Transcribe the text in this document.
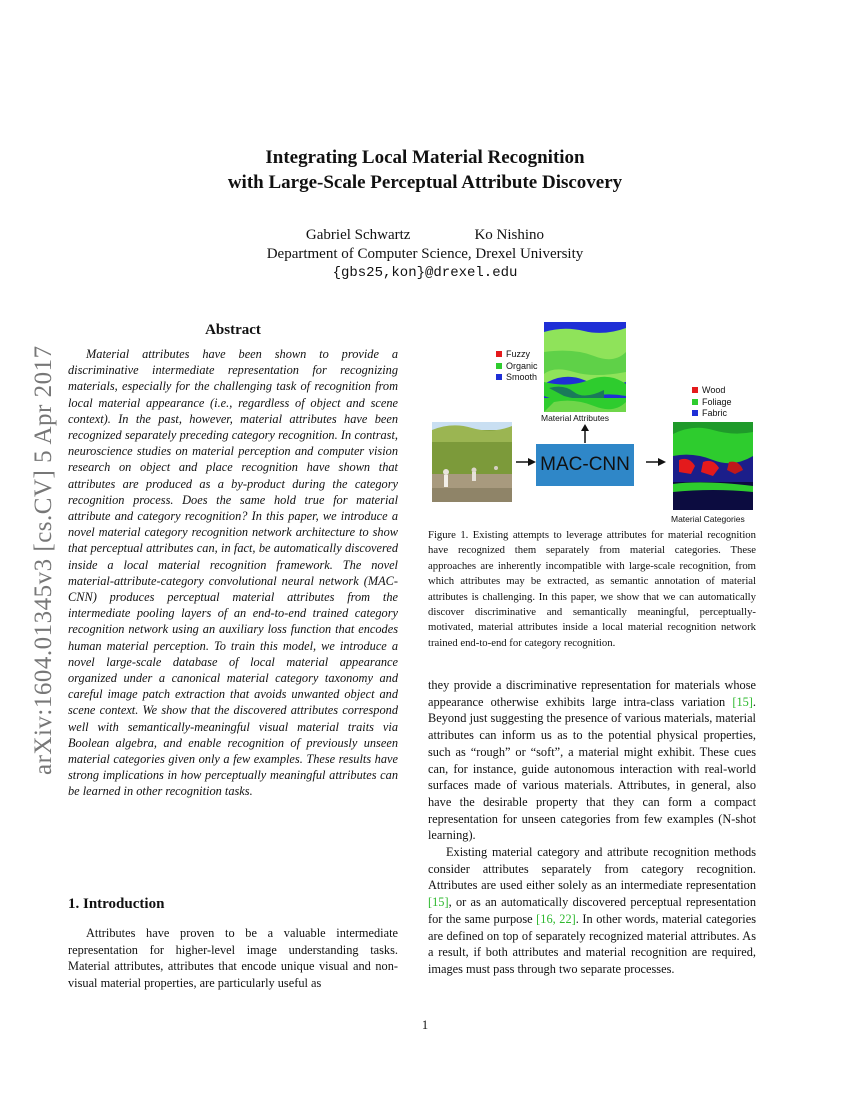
arXiv:1604.01345v3 [cs.CV] 5 Apr 2017
Integrating Local Material Recognition
with Large-Scale Perceptual Attribute Discovery
Gabriel Schwartz	Ko Nishino
Department of Computer Science, Drexel University
{gbs25,kon}@drexel.edu
Abstract

Material attributes have been shown to provide a discriminative intermediate representation for recognizing materials, especially for the challenging task of recognition from local material appearance (i.e., regardless of object and scene context). In the past, however, material attributes have been recognized separately preceding category recognition. In contrast, neuroscience studies on material perception and computer vision research on object and place recognition have shown that attributes are produced as a by-product during the category recognition process. Does the same hold true for material attribute and category recognition? In this paper, we introduce a novel material category recognition network architecture to show that perceptual attributes can, in fact, be automatically discovered inside a local material recognition framework. The novel material-attribute-category convolutional neural network (MAC-CNN) produces perceptual material attributes from the intermediate pooling layers of an end-to-end trained category recognition network using an auxiliary loss function that encodes human material perception. To train this model, we introduce a novel large-scale database of local material appearance organized under a canonical material category taxonomy and careful image patch extraction that avoids unwanted object and scene context. We show that the discovered attributes correspond well with semantically-meaningful visual material traits via Boolean algebra, and enable recognition of previously unseen material categories given only a few examples. These results have strong implications in how perceptually meaningful attributes can be learned in other recognition tasks.

1. Introduction

Attributes have proven to be a valuable intermediate representation for higher-level image understanding tasks. Material attributes, attributes that encode unique visual and non-visual material properties, are particularly useful as

Fuzzy
Organic
Smooth
Material Attributes
MAC-CNN
Wood
Foliage
Fabric
Material Categories
Figure 1. Existing attempts to leverage attributes for material recognition have recognized them separately from material categories. These approaches are inherently incompatible with large-scale recognition, from which attributes may be extracted, as semantic annotation of material attributes is challenging. In this paper, we show that we can automatically discover discriminative and semantically meaningful, perceptually-motivated, material attributes inside a local material recognition network trained end-to-end for category recognition.

they provide a discriminative representation for materials whose appearance otherwise exhibits large intra-class variation [15]. Beyond just suggesting the presence of various materials, material attributes can inform us as to the potential physical properties, such as “rough” or “soft”, a material might exhibit. These cues can, for instance, guide autonomous interaction with real-world surfaces made of various materials. Attributes, in general, also have the desirable property that they can form a compact representation for unseen categories from few examples (N-shot learning).

Existing material category and attribute recognition methods consider attributes separately from category recognition. Attributes are used either solely as an intermediate representation [15], or as an automatically discovered perceptual representation for the same purpose [16, 22]. In other words, material categories are defined on top of separately recognized material attributes. As a result, if both attributes and material recognition are required, images must pass through two separate processes.

1
